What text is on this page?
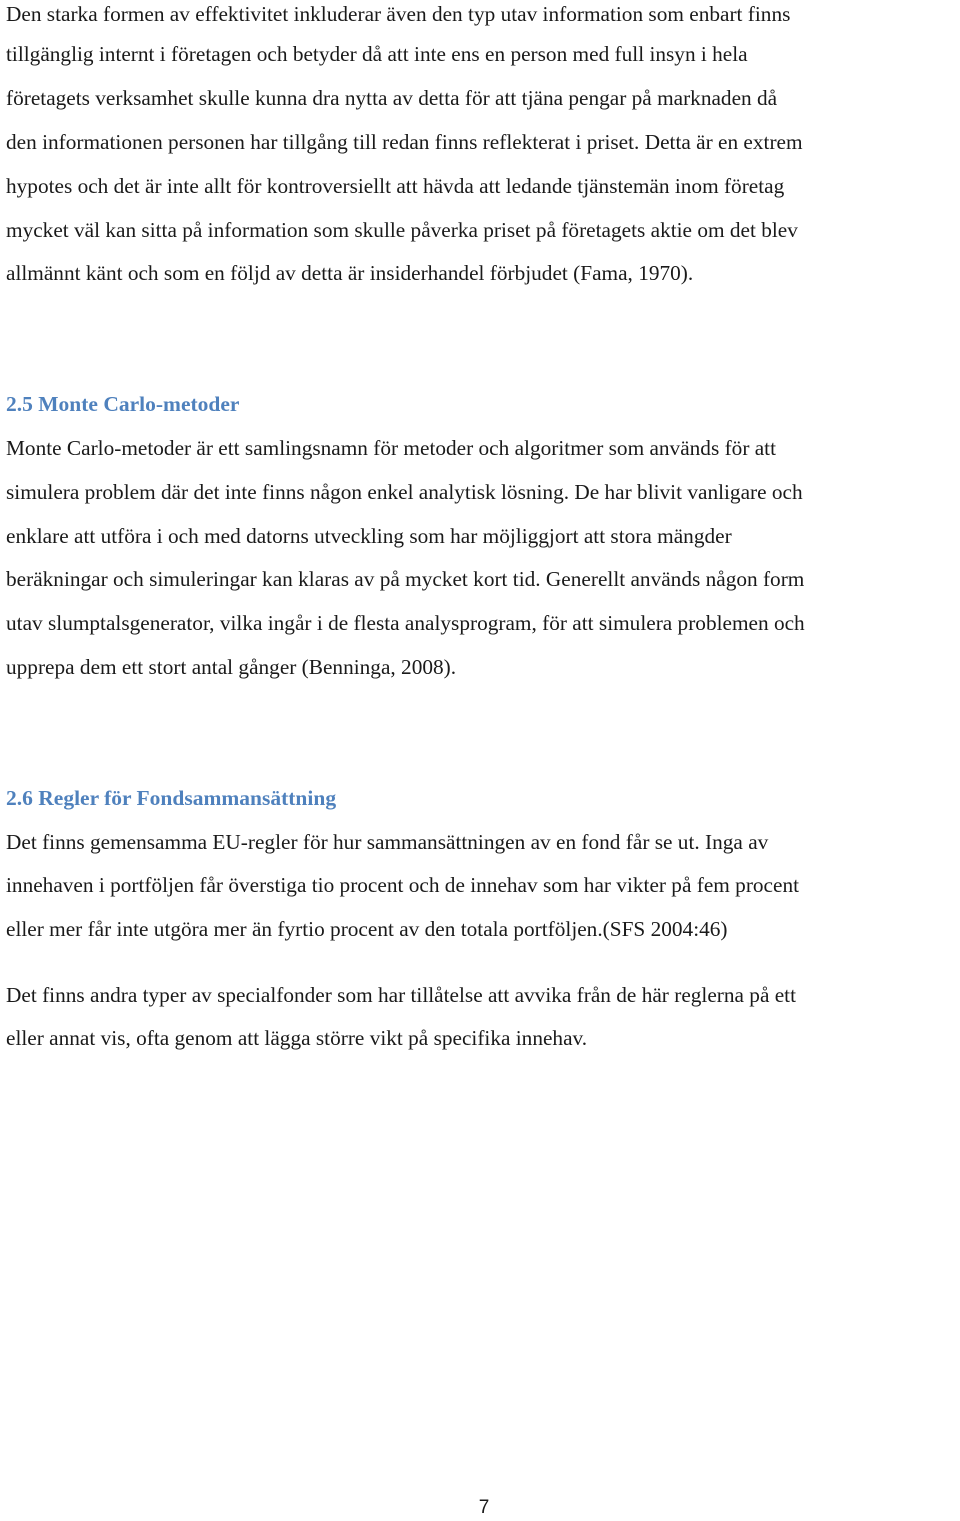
Den starka formen av effektivitet inkluderar även den typ utav information som enbart finns
tillgänglig internt i företagen och betyder då att inte ens en person med full insyn i hela
företagets verksamhet skulle kunna dra nytta av detta för att tjäna pengar på marknaden då
den informationen personen har tillgång till redan finns reflekterat i priset. Detta är en extrem
hypotes och det är inte allt för kontroversiellt att hävda att ledande tjänstemän inom företag
mycket väl kan sitta på information som skulle påverka priset på företagets aktie om det blev
allmännt känt och som en följd av detta är insiderhandel förbjudet (Fama, 1970).
2.5 Monte Carlo-metoder
Monte Carlo-metoder är ett samlingsnamn för metoder och algoritmer som används för att
simulera problem där det inte finns någon enkel analytisk lösning. De har blivit vanligare och
enklare att utföra i och med datorns utveckling som har möjliggjort att stora mängder
beräkningar och simuleringar kan klaras av på mycket kort tid. Generellt används någon form
utav slumptalsgenerator, vilka ingår i de flesta analysprogram, för att simulera problemen och
upprepa dem ett stort antal gånger (Benninga, 2008).
2.6 Regler för Fondsammansättning
Det finns gemensamma EU-regler för hur sammansättningen av en fond får se ut. Inga av
innehaven i portföljen får överstiga tio procent och de innehav som har vikter på fem procent
eller mer får inte utgöra mer än fyrtio procent av den totala portföljen.(SFS 2004:46)
Det finns andra typer av specialfonder som har tillåtelse att avvika från de här reglerna på ett
eller annat vis, ofta genom att lägga större vikt på specifika innehav.
7
